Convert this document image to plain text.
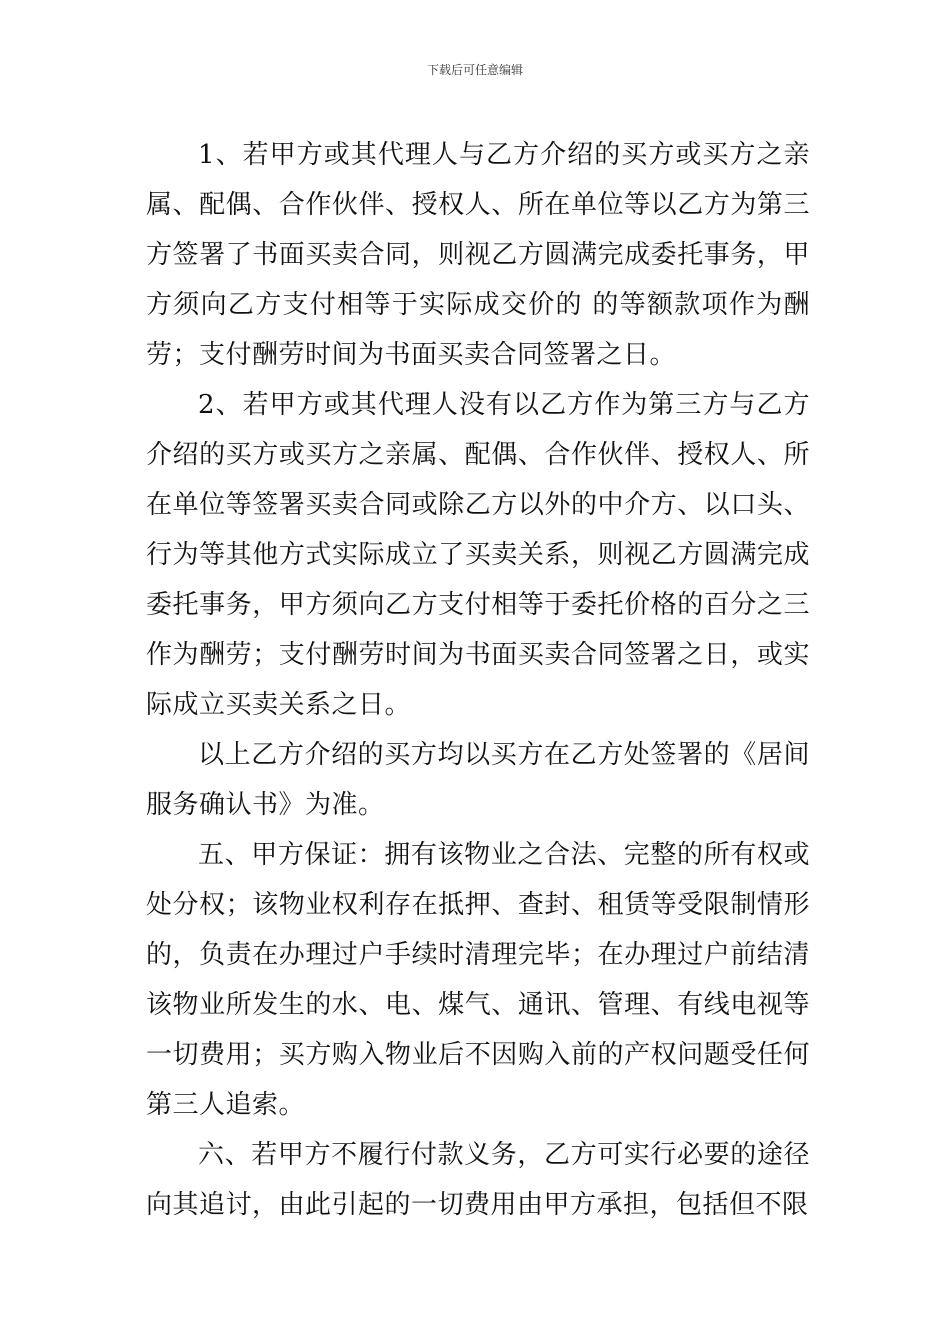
下载后可任意编辑

1、若甲方或其代理人与乙方介绍的买方或买方之亲属、配偶、合作伙伴、授权人、所在单位等以乙方为第三方签署了书面买卖合同，则视乙方圆满完成委托事务，甲方须向乙方支付相等于实际成交价的 的等额款项作为酬劳；支付酬劳时间为书面买卖合同签署之日。

2、若甲方或其代理人没有以乙方作为第三方与乙方介绍的买方或买方之亲属、配偶、合作伙伴、授权人、所在单位等签署买卖合同或除乙方以外的中介方、以口头、行为等其他方式实际成立了买卖关系，则视乙方圆满完成委托事务，甲方须向乙方支付相等于委托价格的百分之三作为酬劳；支付酬劳时间为书面买卖合同签署之日，或实际成立买卖关系之日。

以上乙方介绍的买方均以买方在乙方处签署的《居间服务确认书》为准。

五、甲方保证：拥有该物业之合法、完整的所有权或处分权；该物业权利存在抵押、查封、租赁等受限制情形的，负责在办理过户手续时清理完毕；在办理过户前结清该物业所发生的水、电、煤气、通讯、管理、有线电视等一切费用；买方购入物业后不因购入前的产权问题受任何第三人追索。

六、若甲方不履行付款义务，乙方可实行必要的途径向其追讨，由此引起的一切费用由甲方承担，包括但不限
